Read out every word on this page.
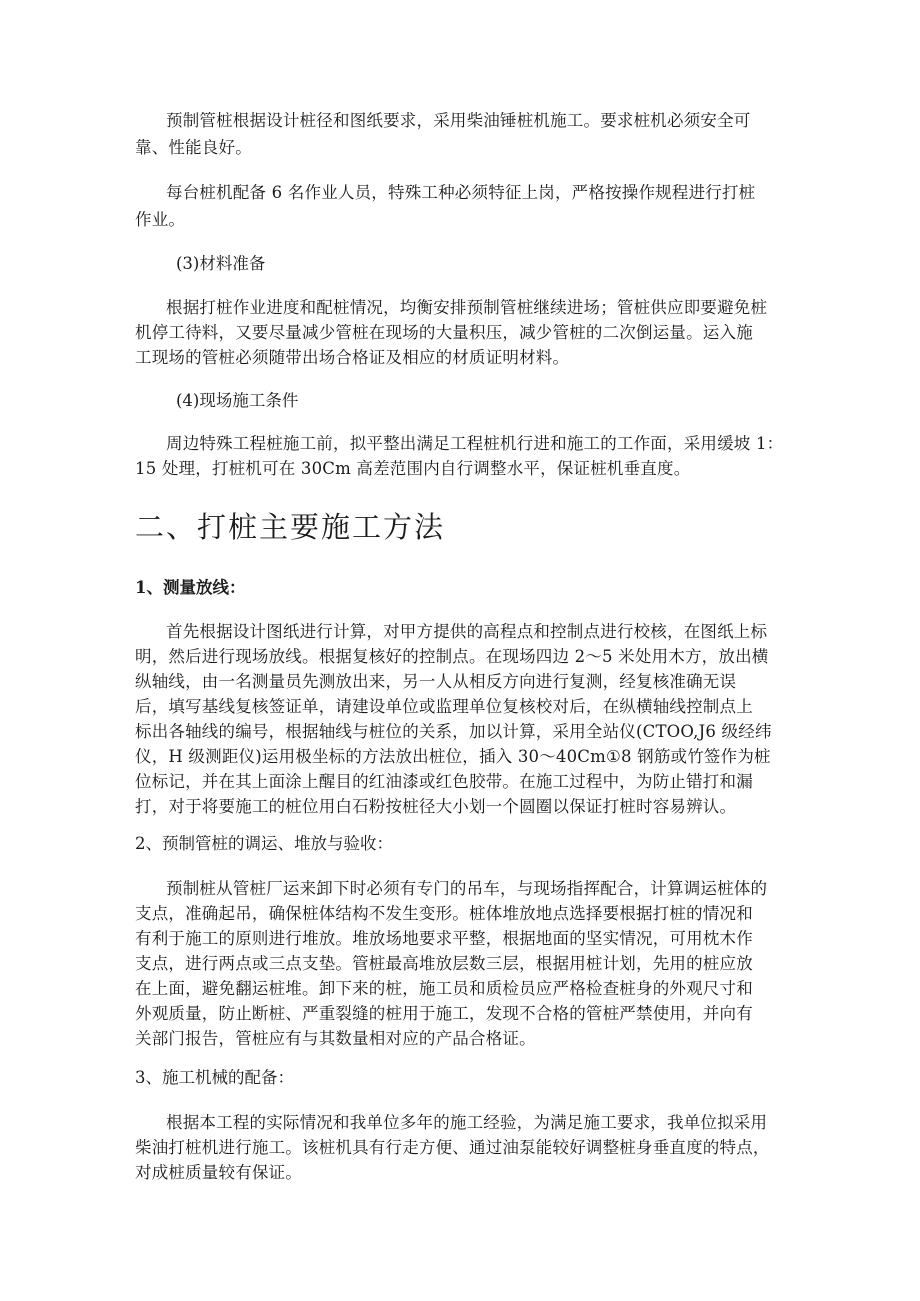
预制管桩根据设计桩径和图纸要求，采用柴油锤桩机施工。要求桩机必须安全可
靠、性能良好。
每台桩机配备 6 名作业人员，特殊工种必须特征上岗，严格按操作规程进行打桩
作业。
(3)材料准备
根据打桩作业进度和配桩情况，均衡安排预制管桩继续进场；管桩供应即要避免桩
机停工待料，又要尽量减少管桩在现场的大量积压，减少管桩的二次倒运量。运入施
工现场的管桩必须随带出场合格证及相应的材质证明材料。
(4)现场施工条件
周边特殊工程桩施工前，拟平整出满足工程桩机行进和施工的工作面，采用缓坡 1：
15 处理，打桩机可在 30Cm 高差范围内自行调整水平，保证桩机垂直度。
二、打桩主要施工方法
1、测量放线：
首先根据设计图纸进行计算，对甲方提供的高程点和控制点进行校核，在图纸上标
明，然后进行现场放线。根据复核好的控制点。在现场四边 2～5 米处用木方，放出横
纵轴线，由一名测量员先测放出来，另一人从相反方向进行复测，经复核准确无误
后，填写基线复核签证单，请建设单位或监理单位复核校对后，在纵横轴线控制点上
标出各轴线的编号，根据轴线与桩位的关系，加以计算，采用全站仪(CTOO,J6 级经纬
仪，H 级测距仪)运用极坐标的方法放出桩位，插入 30～40Cm①8 钢筋或竹签作为桩
位标记，并在其上面涂上醒目的红油漆或红色胶带。在施工过程中，为防止错打和漏
打，对于将要施工的桩位用白石粉按桩径大小划一个圆圈以保证打桩时容易辨认。
2、预制管桩的调运、堆放与验收：
预制桩从管桩厂运来卸下时必须有专门的吊车，与现场指挥配合，计算调运桩体的
支点，准确起吊，确保桩体结构不发生变形。桩体堆放地点选择要根据打桩的情况和
有利于施工的原则进行堆放。堆放场地要求平整，根据地面的坚实情况，可用枕木作
支点，进行两点或三点支垫。管桩最高堆放层数三层，根据用桩计划，先用的桩应放
在上面，避免翻运桩堆。卸下来的桩，施工员和质检员应严格检查桩身的外观尺寸和
外观质量，防止断桩、严重裂缝的桩用于施工，发现不合格的管桩严禁使用，并向有
关部门报告，管桩应有与其数量相对应的产品合格证。
3、施工机械的配备：
根据本工程的实际情况和我单位多年的施工经验，为满足施工要求，我单位拟采用
柴油打桩机进行施工。该桩机具有行走方便、通过油泵能较好调整桩身垂直度的特点，
对成桩质量较有保证。
